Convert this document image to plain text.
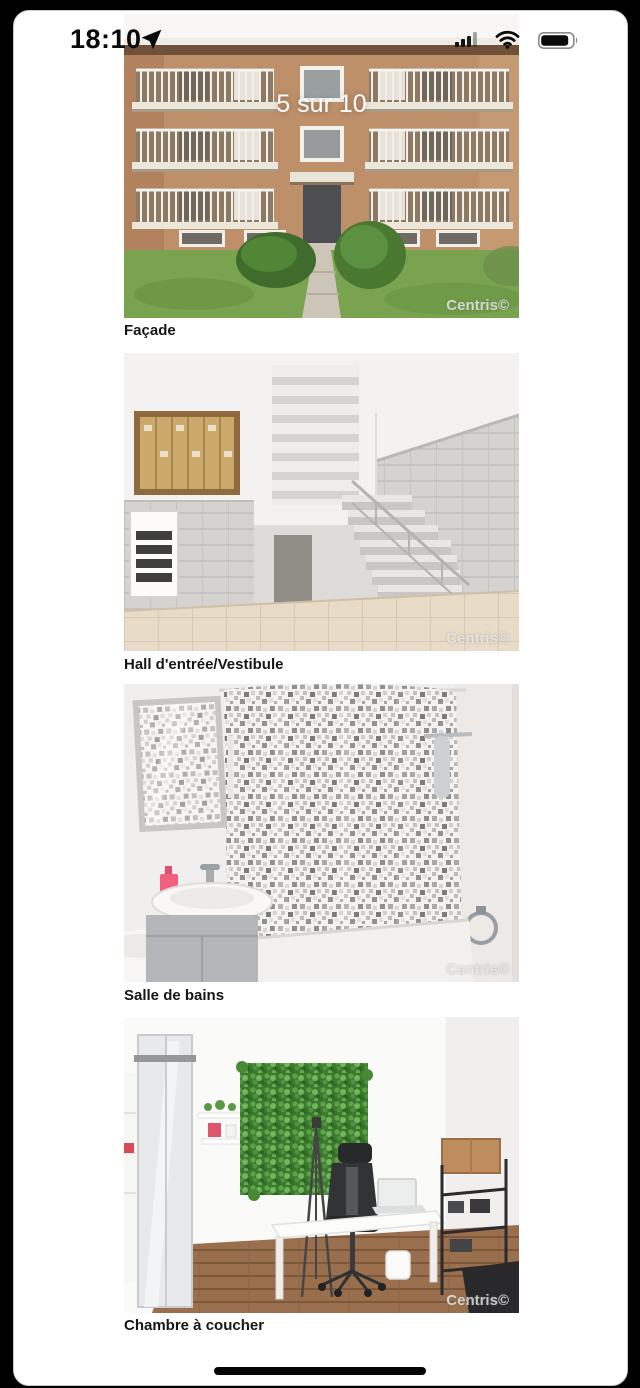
5 sur 10
Centris©
Façade
Centris©
Hall d'entrée/Vestibule
Centris©
Salle de bains
Centris©
Chambre à coucher
18:10
